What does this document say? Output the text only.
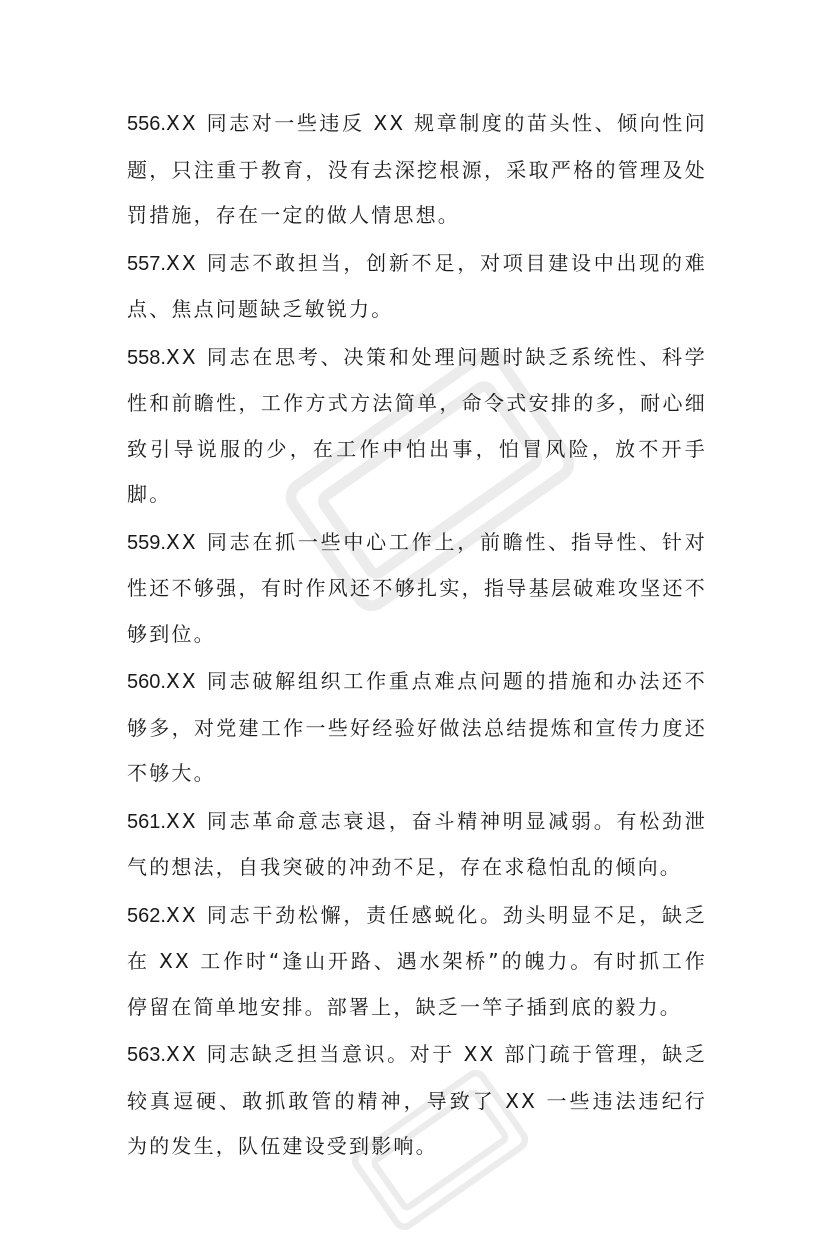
556.XX 同志对一些违反 XX 规章制度的苗头性、倾向性问题，只注重于教育，没有去深挖根源，采取严格的管理及处罚措施，存在一定的做人情思想。

557.XX 同志不敢担当，创新不足，对项目建设中出现的难点、焦点问题缺乏敏锐力。

558.XX 同志在思考、决策和处理问题时缺乏系统性、科学性和前瞻性，工作方式方法简单，命令式安排的多，耐心细致引导说服的少，在工作中怕出事，怕冒风险，放不开手脚。

559.XX 同志在抓一些中心工作上，前瞻性、指导性、针对性还不够强，有时作风还不够扎实，指导基层破难攻坚还不够到位。

560.XX 同志破解组织工作重点难点问题的措施和办法还不够多，对党建工作一些好经验好做法总结提炼和宣传力度还不够大。

561.XX 同志革命意志衰退，奋斗精神明显减弱。有松劲泄气的想法，自我突破的冲劲不足，存在求稳怕乱的倾向。

562.XX 同志干劲松懈，责任感蜕化。劲头明显不足，缺乏在 XX 工作时“逢山开路、遇水架桥”的魄力。有时抓工作停留在简单地安排。部署上，缺乏一竿子插到底的毅力。

563.XX 同志缺乏担当意识。对于 XX 部门疏于管理，缺乏较真逗硬、敢抓敢管的精神，导致了 XX 一些违法违纪行为的发生，队伍建设受到影响。
